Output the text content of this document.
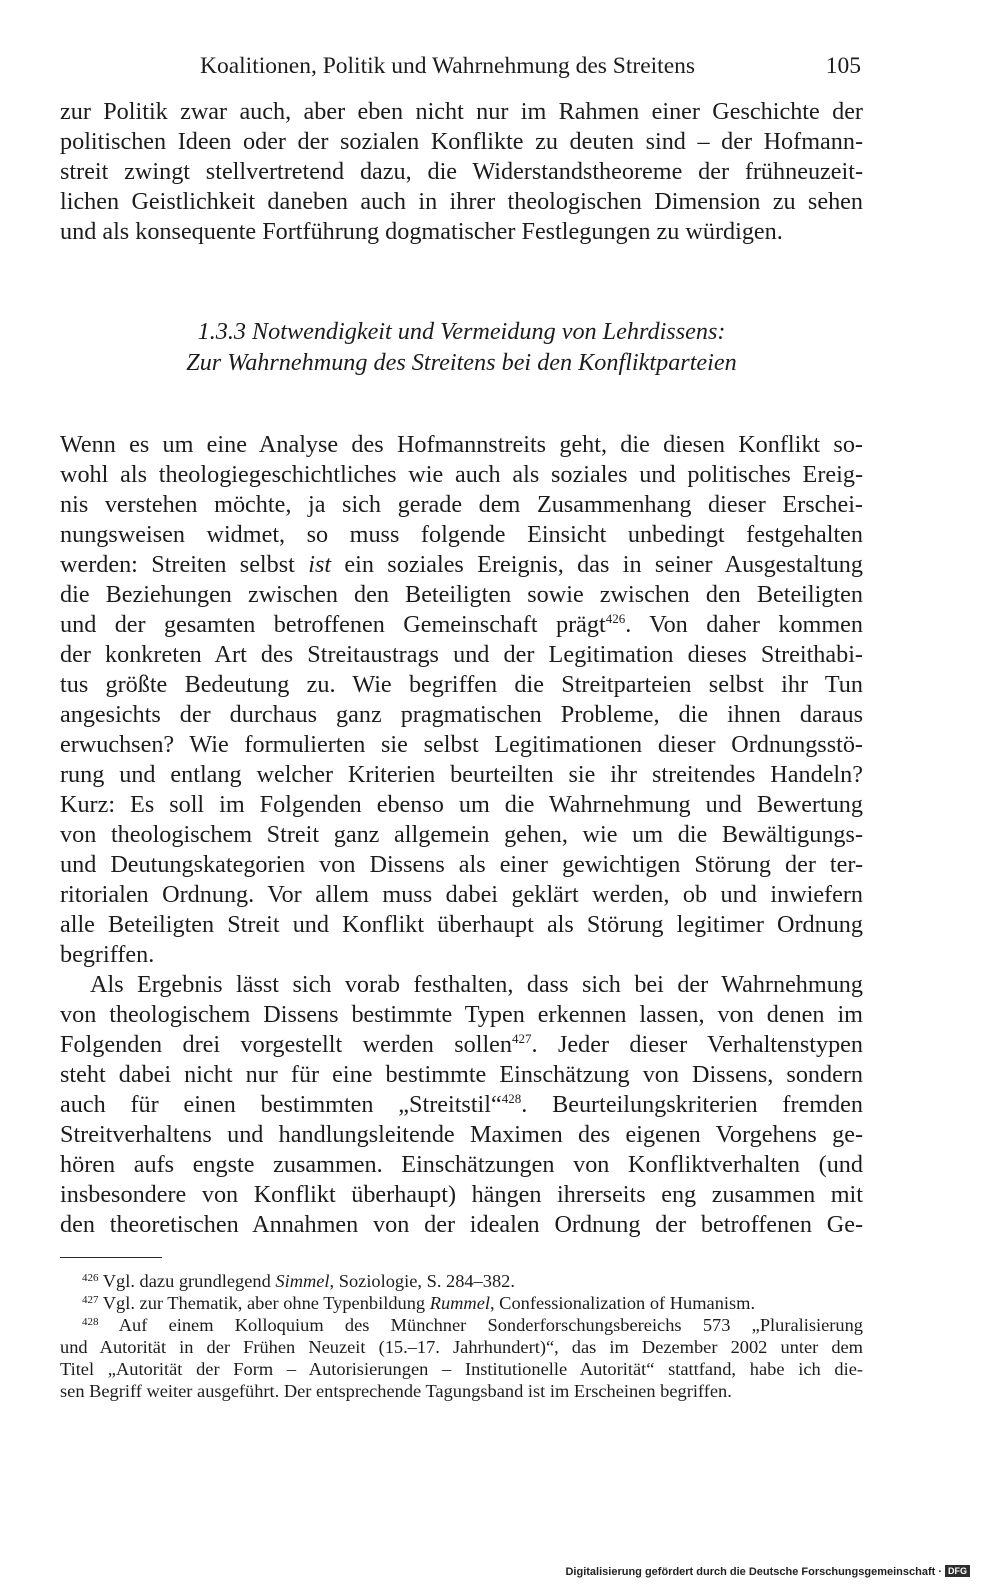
Koalitionen, Politik und Wahrnehmung des Streitens	105
zur Politik zwar auch, aber eben nicht nur im Rahmen einer Geschichte der
politischen Ideen oder der sozialen Konflikte zu deuten sind – der Hofmann-
streit zwingt stellvertretend dazu, die Widerstandstheoreme der frühneuzeit-
lichen Geistlichkeit daneben auch in ihrer theologischen Dimension zu sehen
und als konsequente Fortführung dogmatischer Festlegungen zu würdigen.
1.3.3 Notwendigkeit und Vermeidung von Lehrdissens:
Zur Wahrnehmung des Streitens bei den Konfliktparteien
Wenn es um eine Analyse des Hofmannstreits geht, die diesen Konflikt so-
wohl als theologiegeschichtliches wie auch als soziales und politisches Ereig-
nis verstehen möchte, ja sich gerade dem Zusammenhang dieser Erschei-
nungsweisen widmet, so muss folgende Einsicht unbedingt festgehalten
werden: Streiten selbst ist ein soziales Ereignis, das in seiner Ausgestaltung
die Beziehungen zwischen den Beteiligten sowie zwischen den Beteiligten
und der gesamten betroffenen Gemeinschaft prägt$^{426}$. Von daher kommen
der konkreten Art des Streitaustrags und der Legitimation dieses Streithabi-
tus größte Bedeutung zu. Wie begriffen die Streitparteien selbst ihr Tun
angesichts der durchaus ganz pragmatischen Probleme, die ihnen daraus
erwuchsen? Wie formulierten sie selbst Legitimationen dieser Ordnungsstö-
rung und entlang welcher Kriterien beurteilten sie ihr streitendes Handeln?
Kurz: Es soll im Folgenden ebenso um die Wahrnehmung und Bewertung
von theologischem Streit ganz allgemein gehen, wie um die Bewältigungs-
und Deutungskategorien von Dissens als einer gewichtigen Störung der ter-
ritorialen Ordnung. Vor allem muss dabei geklärt werden, ob und inwiefern
alle Beteiligten Streit und Konflikt überhaupt als Störung legitimer Ordnung
begriffen.
Als Ergebnis lässt sich vorab festhalten, dass sich bei der Wahrnehmung
von theologischem Dissens bestimmte Typen erkennen lassen, von denen im
Folgenden drei vorgestellt werden sollen$^{427}$. Jeder dieser Verhaltenstypen
steht dabei nicht nur für eine bestimmte Einschätzung von Dissens, sondern
auch für einen bestimmten „Streitstil“$^{428}$. Beurteilungskriterien fremden
Streitverhaltens und handlungsleitende Maximen des eigenen Vorgehens ge-
hören aufs engste zusammen. Einschätzungen von Konfliktverhalten (und
insbesondere von Konflikt überhaupt) hängen ihrerseits eng zusammen mit
den theoretischen Annahmen von der idealen Ordnung der betroffenen Ge-
$^{426}$ Vgl. dazu grundlegend Simmel, Soziologie, S. 284–382.
$^{427}$ Vgl. zur Thematik, aber ohne Typenbildung Rummel, Confessionalization of Humanism.
$^{428}$ Auf einem Kolloquium des Münchner Sonderforschungsbereichs 573 „Pluralisierung
und Autorität in der Frühen Neuzeit (15.–17. Jahrhundert)“, das im Dezember 2002 unter dem
Titel „Autorität der Form – Autorisierungen – Institutionelle Autorität“ stattfand, habe ich die-
sen Begriff weiter ausgeführt. Der entsprechende Tagungsband ist im Erscheinen begriffen.
Digitalisierung gefördert durch die Deutsche Forschungsgemeinschaft · DFG
